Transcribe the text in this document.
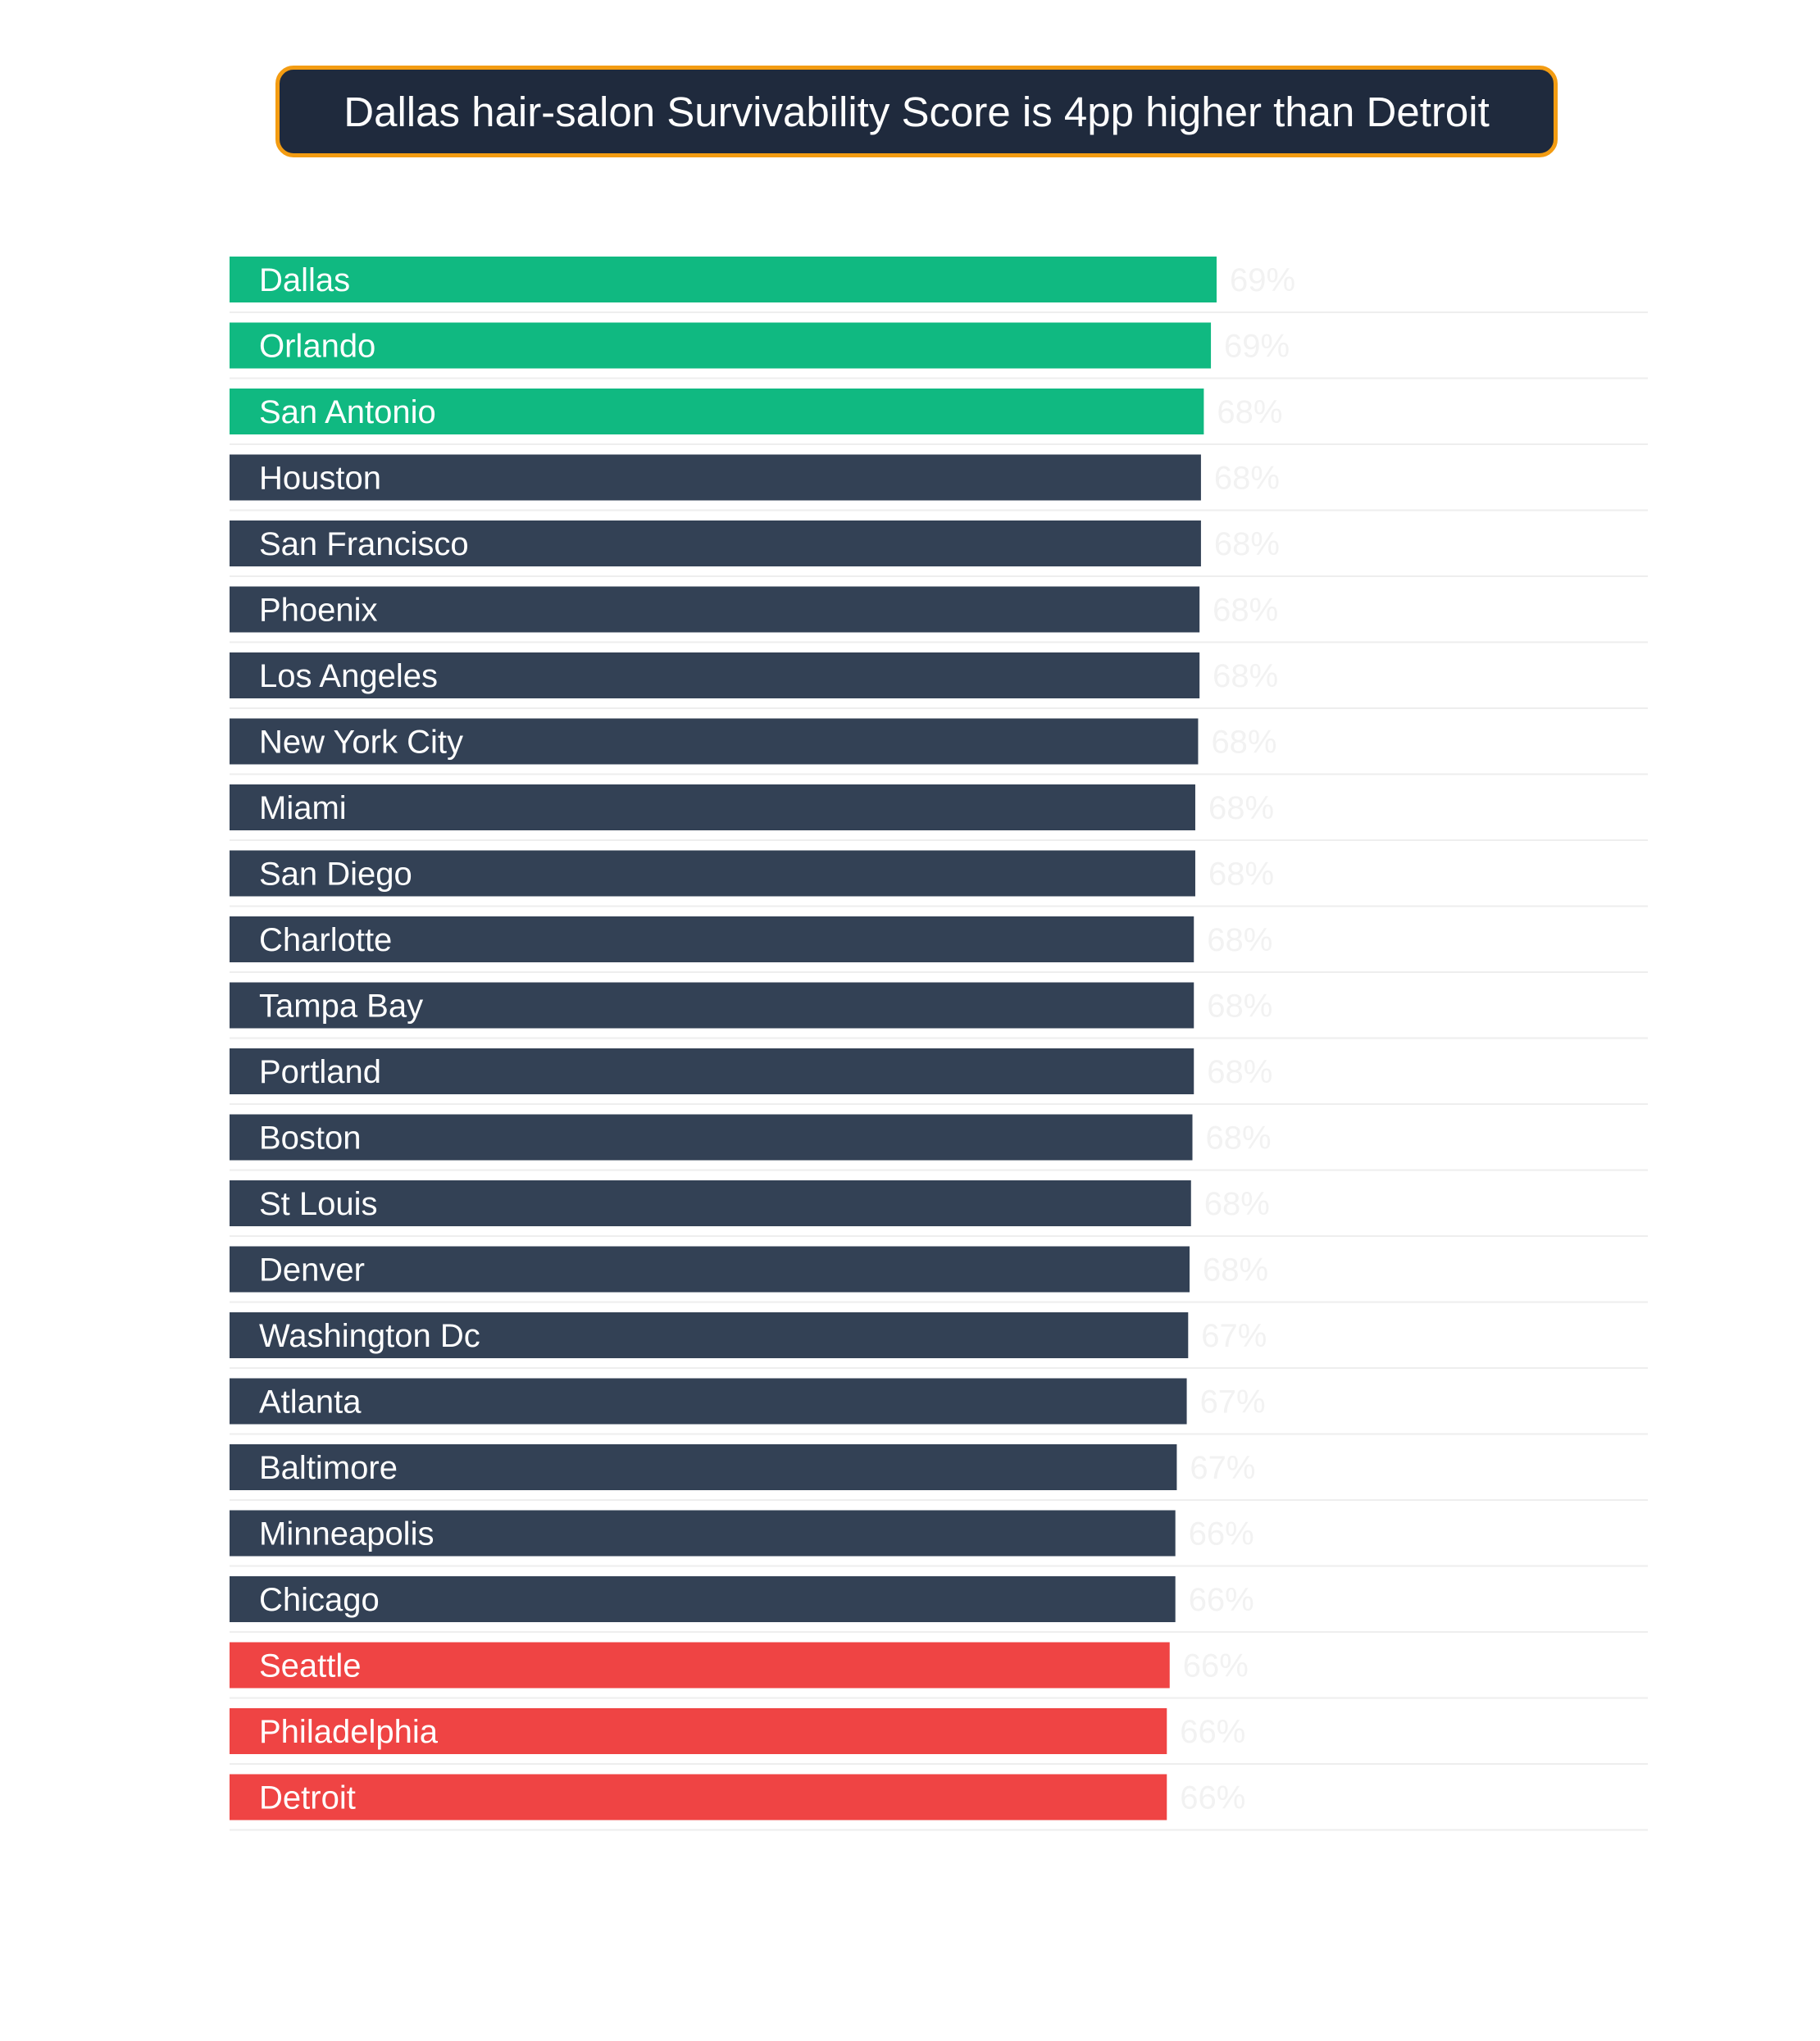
Dallas hair-salon Survivability Score is 4pp higher than Detroit
Dallas	69%
Orlando	69%
San Antonio	68%
Houston	68%
San Francisco	68%
Phoenix	68%
Los Angeles	68%
New York City	68%
Miami	68%
San Diego	68%
Charlotte	68%
Tampa Bay	68%
Portland	68%
Boston	68%
St Louis	68%
Denver	68%
Washington Dc	67%
Atlanta	67%
Baltimore	67%
Minneapolis	66%
Chicago	66%
Seattle	66%
Philadelphia	66%
Detroit	66%
